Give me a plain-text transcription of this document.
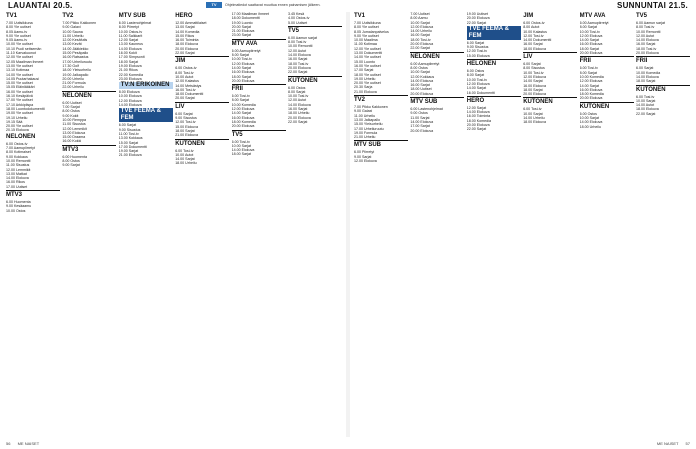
LAUANTAI 20.5.	TV	Ohjelmatiedot saattavat muuttua ennen painamisen jälkeen.	SUNNUNTAI 21.5.
TV1
7.00 Uutisikkuna
8.00 Yle uutiset
8.05 Aamu-tv
9.00 Yle uutiset
9.05 Aamu-tv
10.00 Yle uutiset
10.10 Puoli seitsemän
11.10 Karvakuonot
12.00 Yle uutiset
12.05 Maailman ihmeet
13.00 Yle uutiset
13.10 Kotimaa
14.00 Yle uutiset
14.05 Puutarhakausi
15.00 Yle uutiset
15.05 Eläinlääkäri
16.00 Yle uutiset
16.10 Kesäpäivä
17.00 Yle uutiset
17.10 Arkkipiispa
18.00 Luontodokumentti
19.00 Yle uutiset
19.10 Urheilu
19.15 Sää
20.00 Yle uutiset
20.15 Elokuva
NELONEN
6.00 Ostos-tv
7.00 Aamupiirretyt
8.00 Kotimaiset
9.00 Kokkaus
10.00 Remontti
11.00 Sisustus
12.00 Lemmikit
13.00 Matkat
14.00 Elokuva
16.00 Rikos
17.00 Uutiset
MTV3
6.00 Huomenta
9.00 Kesäaamu
10.00 Ostos
TV2
7.00 Pikku Kakkonen
9.00 Galaxi
10.00 Sauna
11.00 Urheilu
12.00 Kesäfutis
13.00 Kevät
14.00 Jääkiekko
15.00 Pesäpallo
16.00 Ratsastus
17.00 Urheiluruutu
17.30 Golf
18.00 Yleisurheilu
19.00 Jalkapallo
20.00 Urheilu
21.00 Formula
22.00 Urheilu
NELONEN
6.00 Uutiset
7.00 Sarjat
8.00 Ostos
9.00 Kokit
10.00 Remppa
11.00 Sisustus
12.00 Lemmikit
13.00 Elokuva
15.00 Draama
16.00 Kokki
MTV3
6.00 Huomenta
8.00 Ostos
9.00 Sarjat
MTV SUB
6.00 Lastenohjelmat
8.00 Piirretyt
10.00 Ostos-tv
11.00 Salkkarit
12.00 Sarjat
13.00 Kauneus
14.00 Elokuva
16.00 Kokit
17.00 Simpsonit
18.00 Sarjat
19.00 Elokuva
21.00 Rikos
22.00 Komedia
23.00 Elokuva
TV:N ERIKOINEN
8.00 Elokuva
10.00 Elokuva
12.00 Elokuva
14.00 Elokuva
TVE FEEMA & FEM
6.00 Sarjat
9.00 Sisustus
11.00 Tosi-tv
13.00 Kokkaus
15.00 Sarjat
17.00 Dokumentti
19.00 Sarjat
21.00 Elokuva
HERO
12.00 Ammattilaiset
13.00 Sarjat
14.00 Komedia
15.00 Rikos
16.00 Toiminta
18.00 Elokuva
20.00 Elokuva
22.00 Sarjat
JIM
6.00 Ostos-tv
8.00 Tosi-tv
10.00 Autot
12.00 Kalastus
14.00 Metsästys
16.00 Tosi-tv
18.00 Dokumentti
20.00 Sarjat
LIV
6.00 Sarjat
9.00 Sisustus
12.00 Tosi-tv
15.00 Elokuva
18.00 Sarjat
21.00 Elokuva
KUTONEN
6.00 Tosi-tv
10.00 Autot
14.00 Sarjat
18.00 Urheilu
17.00 Maailman ihmeet
18.00 Dokumentti
19.00 Luonto
20.00 Sarjat
21.00 Elokuva
23.00 Sarjat
MTV AVA
6.00 Aamupiirretyt
8.00 Sarjat
10.00 Tosi-tv
12.00 Elokuva
14.00 Sarjat
16.00 Elokuva
18.00 Sarjat
20.00 Elokuva
FRII
6.00 Tosi-tv
8.00 Sarjat
10.00 Komedia
12.00 Elokuva
14.00 Sarjat
16.00 Elokuva
18.00 Komedia
20.00 Elokuva
TV5
6.00 Tosi-tv
10.00 Sarjat
14.00 Elokuva
18.00 Sarjat
3.45 Kesä
4.00 Ostos-tv
5.00 Uutiset
TV5
6.00 Aamun sarjat
8.00 Tosi-tv
10.00 Remontti
12.00 Autot
14.00 Elokuva
16.00 Sarjat
18.00 Tosi-tv
20.00 Elokuva
22.00 Sarjat
KUTONEN
6.00 Ostos
8.00 Sarjat
10.00 Tosi-tv
12.00 Autot
14.00 Elokuva
16.00 Sarjat
18.00 Urheilu
20.00 Elokuva
22.00 Sarjat
TV1
7.00 Uutisikkuna
8.00 Yle uutiset
8.05 Jumalanpalvelus
9.00 Yle uutiset
10.00 Maailma
11.00 Kotimaa
12.00 Yle uutiset
13.00 Dokumentti
14.00 Yle uutiset
15.00 Luonto
16.00 Yle uutiset
17.00 Sarjat
18.00 Yle uutiset
19.00 Urheilu
20.00 Yle uutiset
20.30 Sarja
21.00 Elokuva
TV2
7.00 Pikku Kakkonen
9.00 Galaxi
11.00 Urheilu
13.00 Jalkapallo
15.00 Yleisurheilu
17.00 Urheiluruutu
19.00 Formula
21.00 Urheilu
MTV SUB
6.00 Piirretyt
9.00 Sarjat
12.00 Elokuva
7.00 Uutiset
8.00 Aamu
10.00 Sarjat
12.00 Elokuva
14.00 Urheilu
16.00 Sarjat
18.00 Tosi-tv
20.00 Elokuva
22.00 Sarjat
NELONEN
6.00 Aamupiirretyt
8.00 Ostos
10.00 Sarjat
12.00 Kokkaus
14.00 Elokuva
16.00 Sarjat
18.00 Uutiset
20.00 Elokuva
MTV SUB
6.00 Lastenohjelmat
9.00 Ostos
11.00 Sarjat
14.00 Elokuva
17.00 Sarjat
20.00 Elokuva
19.00 Uutiset
20.00 Elokuva
22.00 Sarjat
TVE FEEMA & FEM
6.00 Sarjat
9.00 Sisustus
12.00 Tosi-tv
15.00 Elokuva
HELONEN
6.00 Ostos
8.00 Sarjat
10.00 Tosi-tv
12.00 Elokuva
14.00 Sarjat
16.00 Dokumentti
HERO
12.00 Sarjat
14.00 Elokuva
16.00 Toiminta
18.00 Komedia
20.00 Elokuva
22.00 Sarjat
JIM
6.00 Ostos-tv
8.00 Autot
10.00 Kalastus
12.00 Tosi-tv
14.00 Dokumentti
16.00 Sarjat
18.00 Elokuva
LIV
6.00 Sarjat
8.00 Sisustus
10.00 Tosi-tv
12.00 Elokuva
14.00 Sarjat
16.00 Elokuva
18.00 Sarjat
20.00 Elokuva
KUTONEN
6.00 Tosi-tv
10.00 Sarjat
14.00 Urheilu
18.00 Elokuva
MTV AVA
6.00 Aamupiirretyt
8.00 Sarjat
10.00 Tosi-tv
12.00 Elokuva
14.00 Sarjat
16.00 Elokuva
18.00 Sarjat
20.00 Elokuva
FRII
6.00 Tosi-tv
8.00 Sarjat
10.00 Komedia
12.00 Elokuva
14.00 Sarjat
16.00 Elokuva
18.00 Komedia
20.00 Elokuva
KUTONEN
6.00 Ostos
10.00 Sarjat
14.00 Elokuva
18.00 Urheilu
TV5
6.00 Aamun sarjat
8.00 Tosi-tv
10.00 Remontti
12.00 Autot
14.00 Elokuva
16.00 Sarjat
18.00 Tosi-tv
20.00 Elokuva
FRII
6.00 Sarjat
10.00 Komedia
14.00 Elokuva
18.00 Sarjat
KUTONEN
6.00 Tosi-tv
10.00 Sarjat
14.00 Autot
18.00 Elokuva
22.00 Sarjat
56 ME NAISET	ME NAISET 57
